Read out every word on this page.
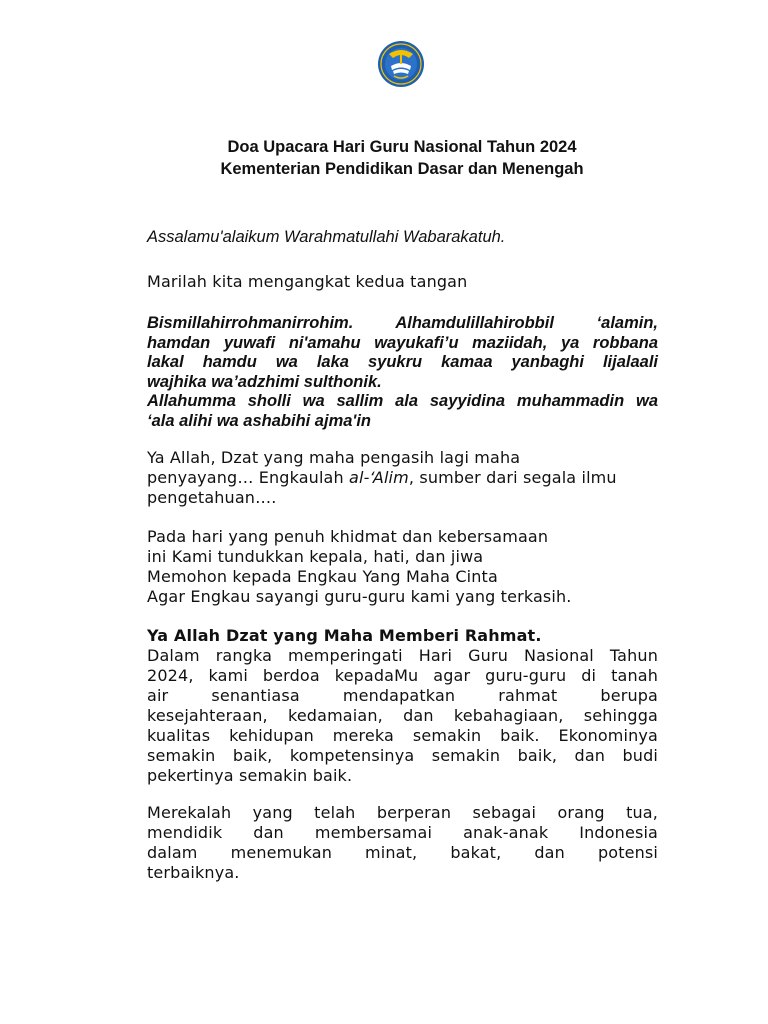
Doa Upacara Hari Guru Nasional Tahun 2024
Kementerian Pendidikan Dasar dan Menengah
Assalamu'alaikum Warahmatullahi Wabarakatuh.
Marilah kita mengangkat kedua tangan
Bismillahirrohmanirrohim. Alhamdulillahirobbil ‘alamin,
hamdan yuwafi ni'amahu wayukafi’u maziidah, ya robbana
lakal hamdu wa laka syukru kamaa yanbaghi lijalaali
wajhika wa’adzhimi sulthonik.
Allahumma sholli wa sallim ala sayyidina muhammadin wa
‘ala alihi wa ashabihi ajma'in
Ya Allah, Dzat yang maha pengasih lagi maha
penyayang… Engkaulah al-‘Alim, sumber dari segala ilmu
pengetahuan….
Pada hari yang penuh khidmat dan kebersamaan
ini Kami tundukkan kepala, hati, dan jiwa
Memohon kepada Engkau Yang Maha Cinta
Agar Engkau sayangi guru-guru kami yang terkasih.
Ya Allah Dzat yang Maha Memberi Rahmat.
Dalam rangka memperingati Hari Guru Nasional Tahun
2024, kami berdoa kepadaMu agar guru-guru di tanah
air senantiasa mendapatkan rahmat berupa
kesejahteraan, kedamaian, dan kebahagiaan, sehingga
kualitas kehidupan mereka semakin baik. Ekonominya
semakin baik, kompetensinya semakin baik, dan budi
pekertinya semakin baik.
Merekalah yang telah berperan sebagai orang tua,
mendidik dan membersamai anak-anak Indonesia
dalam menemukan minat, bakat, dan potensi
terbaiknya.
